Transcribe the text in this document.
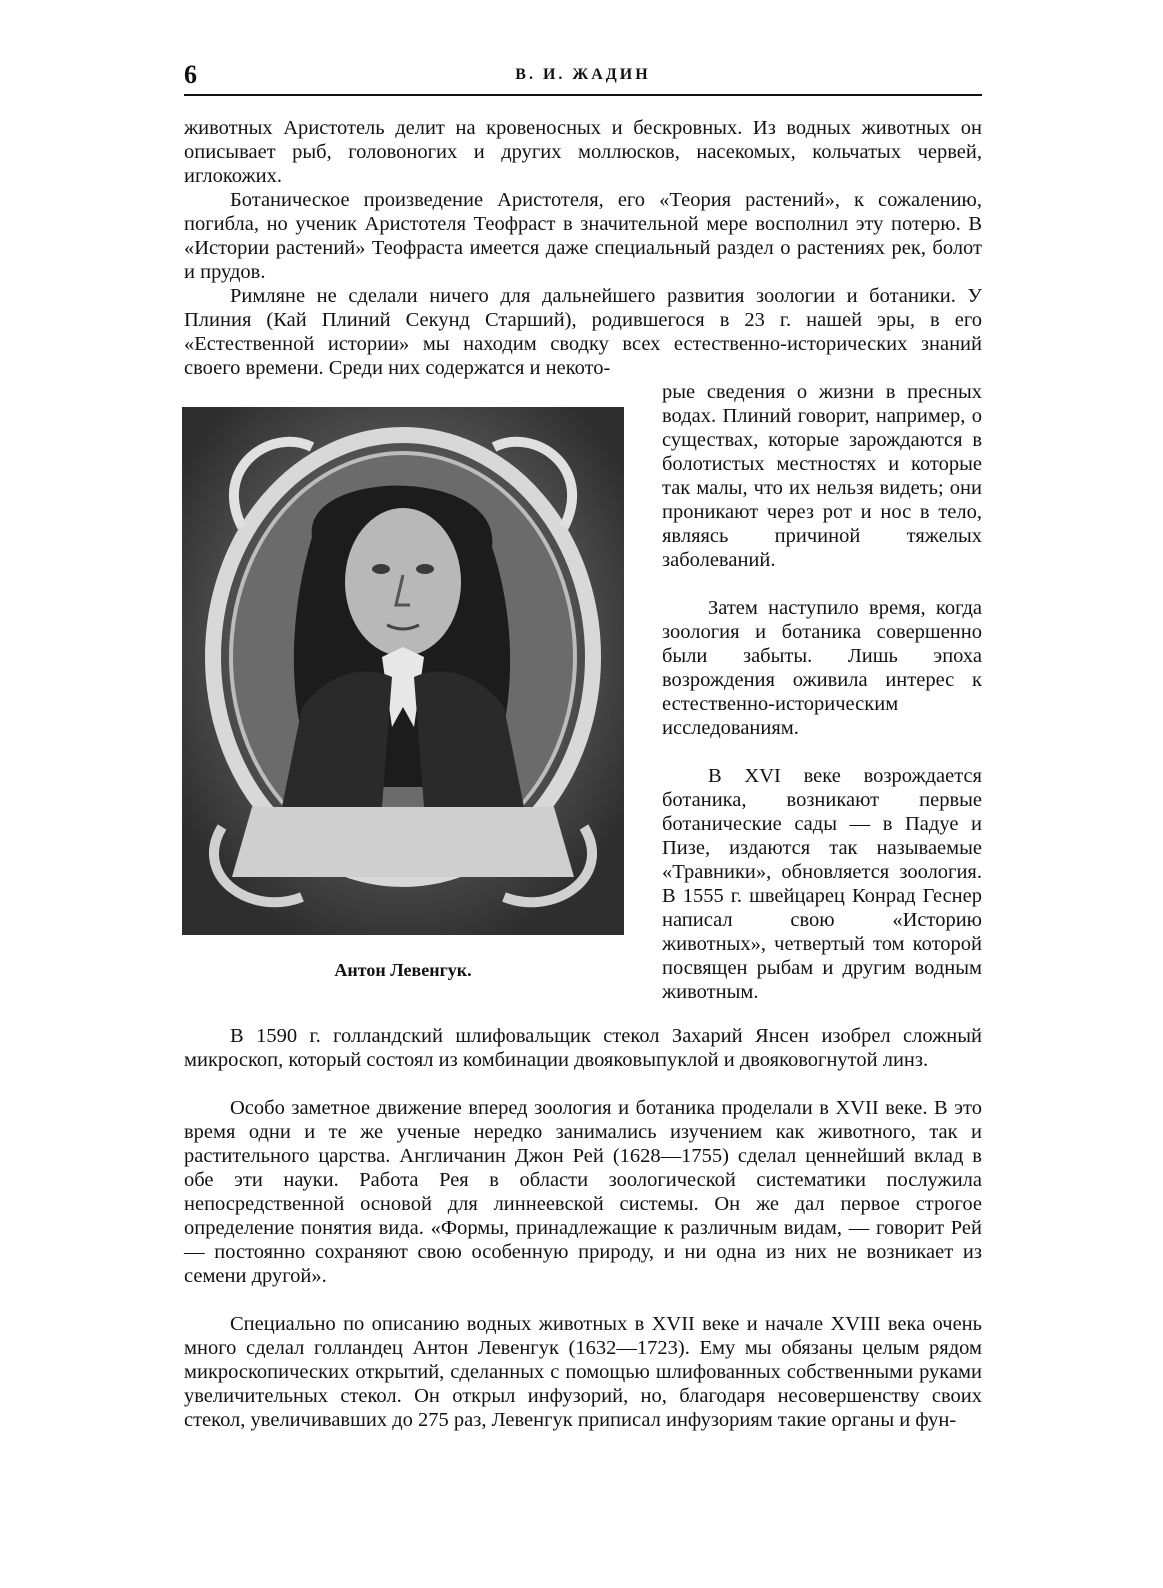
6	В. И. ЖАДИН

животных Аристотель делит на кровеносных и бескровных. Из водных животных он описывает рыб, головоногих и других моллюсков, насекомых, кольчатых червей, иглокожих.

Ботаническое произведение Аристотеля, его «Теория растений», к сожалению, погибла, но ученик Аристотеля Теофраст в значительной мере восполнил эту потерю. В «Истории растений» Теофраста имеется даже специальный раздел о растениях рек, болот и прудов.

Римляне не сделали ничего для дальнейшего развития зоологии и ботаники. У Плиния (Кай Плиний Секунд Старший), родившегося в 23 г. нашей эры, в его «Естественной истории» мы находим сводку всех естественно-исторических знаний своего времени. Среди них содержатся и некото-

Антон Левенгук.

рые сведения о жизни в пресных водах. Плиний говорит, например, о существах, которые зарождаются в болотистых местностях и которые так малы, что их нельзя видеть; они проникают через рот и нос в тело, являясь причиной тяжелых заболеваний.

Затем наступило время, когда зоология и ботаника совершенно были забыты. Лишь эпоха возрождения оживила интерес к естественно-историческим исследованиям.

В XVI веке возрождается ботаника, возникают первые ботанические сады — в Падуе и Пизе, издаются так называемые «Травники», обновляется зоология. В 1555 г. швейцарец Конрад Геснер написал свою «Историю животных», четвертый том которой посвящен рыбам и другим водным животным.

В 1590 г. голландский шлифовальщик стекол Захарий Янсен изобрел сложный микроскоп, который состоял из комбинации двояковыпуклой и двояковогнутой линз.

Особо заметное движение вперед зоология и ботаника проделали в XVII веке. В это время одни и те же ученые нередко занимались изучением как животного, так и растительного царства. Англичанин Джон Рей (1628—1755) сделал ценнейший вклад в обе эти науки. Работа Рея в области зоологической систематики послужила непосредственной основой для линнеевской системы. Он же дал первое строгое определение понятия вида. «Формы, принадлежащие к различным видам, — говорит Рей — постоянно сохраняют свою особенную природу, и ни одна из них не возникает из семени другой».

Специально по описанию водных животных в XVII веке и начале XVIII века очень много сделал голландец Антон Левенгук (1632—1723). Ему мы обязаны целым рядом микроскопических открытий, сделанных с помощью шлифованных собственными руками увеличительных стекол. Он открыл инфузорий, но, благодаря несовершенству своих стекол, увеличивавших до 275 раз, Левенгук приписал инфузориям такие органы и фун-
